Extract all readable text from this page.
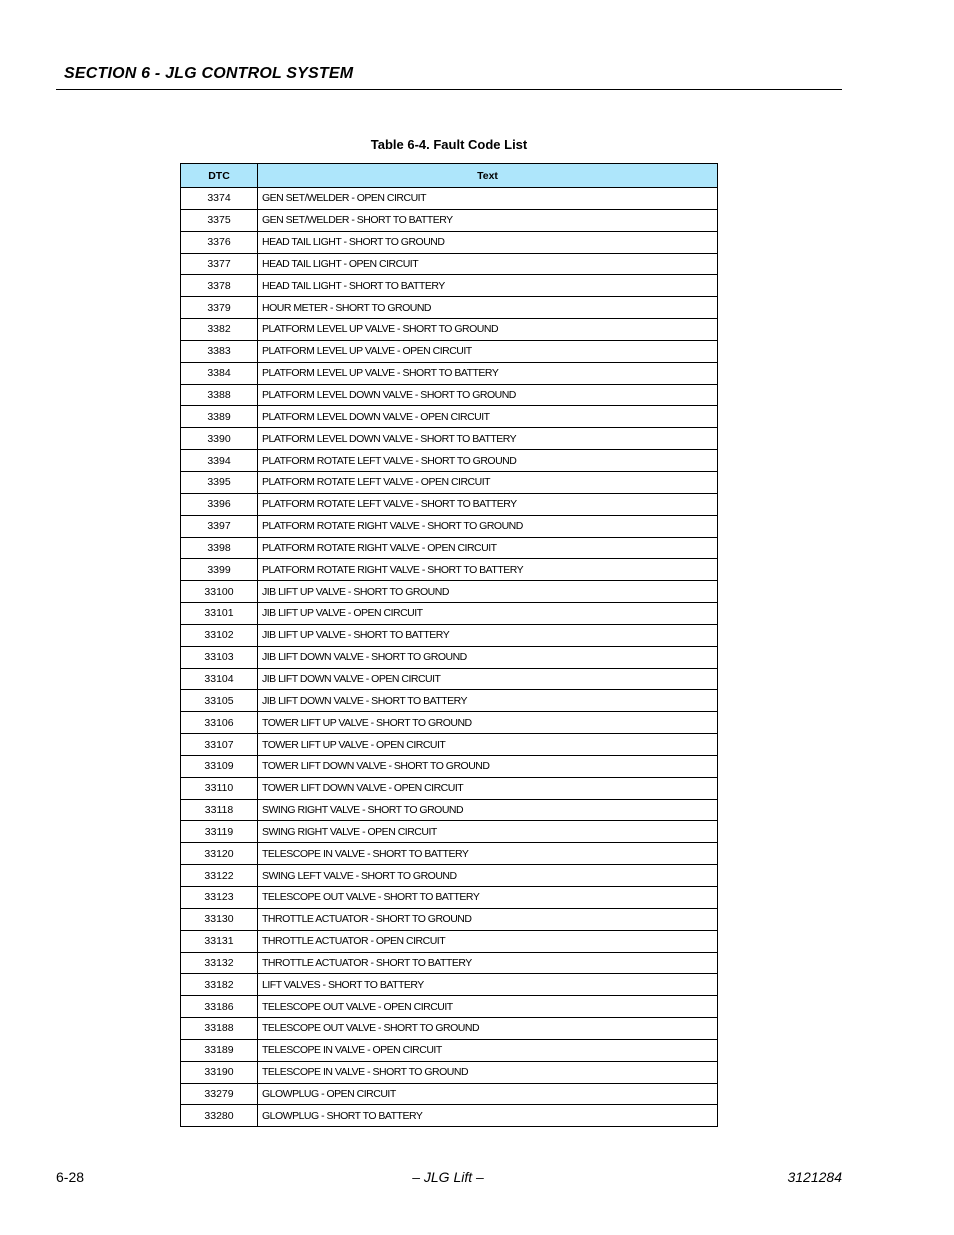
SECTION 6 - JLG CONTROL SYSTEM
Table 6-4. Fault Code List
DTC	Text
3374	GEN SET/WELDER - OPEN CIRCUIT
3375	GEN SET/WELDER - SHORT TO BATTERY
3376	HEAD TAIL LIGHT - SHORT TO GROUND
3377	HEAD TAIL LIGHT - OPEN CIRCUIT
3378	HEAD TAIL LIGHT - SHORT TO BATTERY
3379	HOUR METER - SHORT TO GROUND
3382	PLATFORM LEVEL UP VALVE - SHORT TO GROUND
3383	PLATFORM LEVEL UP VALVE - OPEN CIRCUIT
3384	PLATFORM LEVEL UP VALVE - SHORT TO BATTERY
3388	PLATFORM LEVEL DOWN VALVE - SHORT TO GROUND
3389	PLATFORM LEVEL DOWN VALVE - OPEN CIRCUIT
3390	PLATFORM LEVEL DOWN VALVE - SHORT TO BATTERY
3394	PLATFORM ROTATE LEFT VALVE - SHORT TO GROUND
3395	PLATFORM ROTATE LEFT VALVE - OPEN CIRCUIT
3396	PLATFORM ROTATE LEFT VALVE - SHORT TO BATTERY
3397	PLATFORM ROTATE RIGHT VALVE - SHORT TO GROUND
3398	PLATFORM ROTATE RIGHT VALVE - OPEN CIRCUIT
3399	PLATFORM ROTATE RIGHT VALVE - SHORT TO BATTERY
33100	JIB LIFT UP VALVE - SHORT TO GROUND
33101	JIB LIFT UP VALVE - OPEN CIRCUIT
33102	JIB LIFT UP VALVE - SHORT TO BATTERY
33103	JIB LIFT DOWN VALVE - SHORT TO GROUND
33104	JIB LIFT DOWN VALVE - OPEN CIRCUIT
33105	JIB LIFT DOWN VALVE - SHORT TO BATTERY
33106	TOWER LIFT UP VALVE - SHORT TO GROUND
33107	TOWER LIFT UP VALVE - OPEN CIRCUIT
33109	TOWER LIFT DOWN VALVE - SHORT TO GROUND
33110	TOWER LIFT DOWN VALVE - OPEN CIRCUIT
33118	SWING RIGHT VALVE - SHORT TO GROUND
33119	SWING RIGHT VALVE - OPEN CIRCUIT
33120	TELESCOPE IN VALVE - SHORT TO BATTERY
33122	SWING LEFT VALVE - SHORT TO GROUND
33123	TELESCOPE OUT VALVE - SHORT TO BATTERY
33130	THROTTLE ACTUATOR - SHORT TO GROUND
33131	THROTTLE ACTUATOR - OPEN CIRCUIT
33132	THROTTLE ACTUATOR - SHORT TO BATTERY
33182	LIFT VALVES - SHORT TO BATTERY
33186	TELESCOPE OUT VALVE - OPEN CIRCUIT
33188	TELESCOPE OUT VALVE - SHORT TO GROUND
33189	TELESCOPE IN VALVE - OPEN CIRCUIT
33190	TELESCOPE IN VALVE - SHORT TO GROUND
33279	GLOWPLUG - OPEN CIRCUIT
33280	GLOWPLUG - SHORT TO BATTERY
6-28	– JLG Lift –	3121284
